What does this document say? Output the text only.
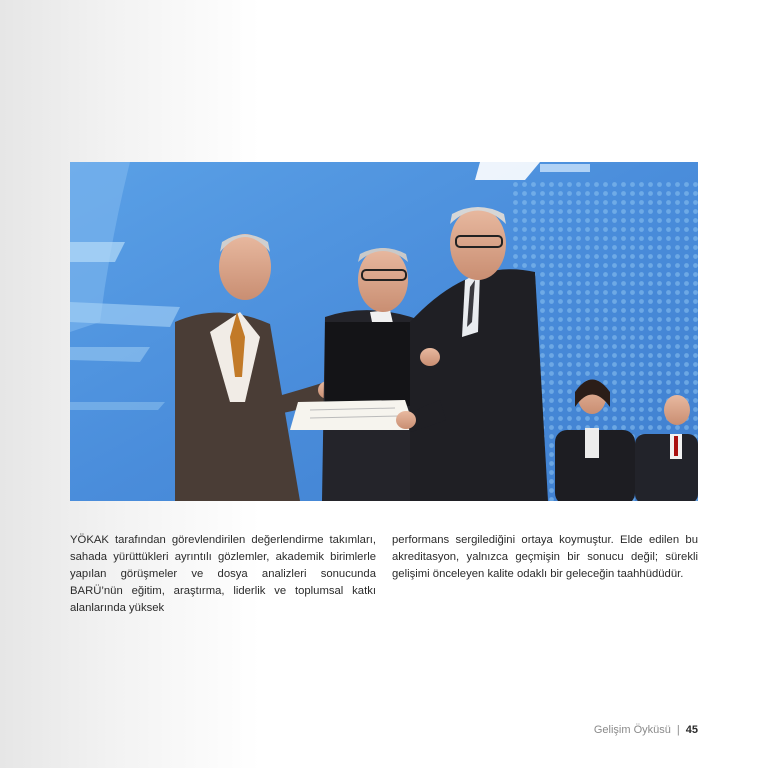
YÖKAK tarafından görevlendirilen değerlendirme takımları, sahada yürüttükleri ayrıntılı gözlemler, akademik birimlerle yapılan görüşmeler ve dosya analizleri sonucunda BARÜ’nün eğitim, araştırma, liderlik ve toplumsal katkı alanlarında yüksek
performans sergilediğini ortaya koymuştur. Elde edilen bu akreditasyon, yalnızca geçmişin bir sonucu değil; sürekli gelişimi önceleyen kalite odaklı bir geleceğin taahhüdüdür.
Gelişim Öyküsü | 45
